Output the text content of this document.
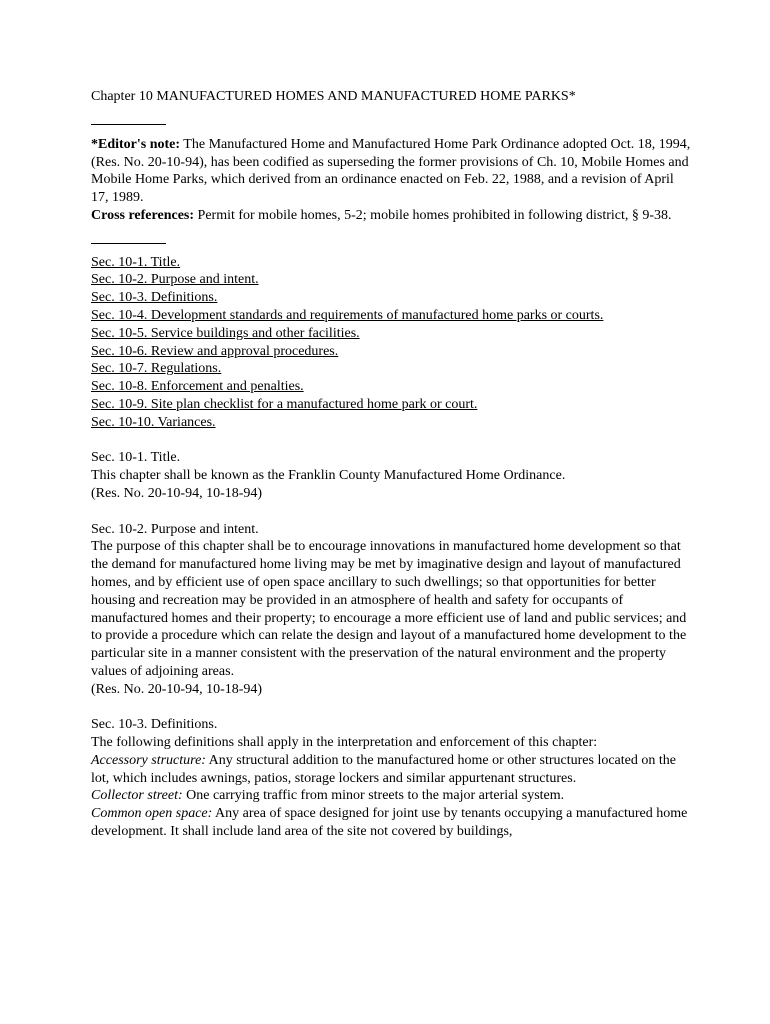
Chapter 10 MANUFACTURED HOMES AND MANUFACTURED HOME PARKS*

*Editor's note: The Manufactured Home and Manufactured Home Park Ordinance adopted Oct. 18, 1994, (Res. No. 20-10-94), has been codified as superseding the former provisions of Ch. 10, Mobile Homes and Mobile Home Parks, which derived from an ordinance enacted on Feb. 22, 1988, and a revision of April 17, 1989.

Cross references: Permit for mobile homes, 5-2; mobile homes prohibited in following district, § 9-38.

Sec. 10-1. Title.
Sec. 10-2. Purpose and intent.
Sec. 10-3. Definitions.
Sec. 10-4. Development standards and requirements of manufactured home parks or courts.
Sec. 10-5. Service buildings and other facilities.
Sec. 10-6. Review and approval procedures.
Sec. 10-7. Regulations.
Sec. 10-8. Enforcement and penalties.
Sec. 10-9. Site plan checklist for a manufactured home park or court.
Sec. 10-10. Variances.

Sec. 10-1. Title.

This chapter shall be known as the Franklin County Manufactured Home Ordinance.

(Res. No. 20-10-94, 10-18-94)

Sec. 10-2. Purpose and intent.

The purpose of this chapter shall be to encourage innovations in manufactured home development so that the demand for manufactured home living may be met by imaginative design and layout of manufactured homes, and by efficient use of open space ancillary to such dwellings; so that opportunities for better housing and recreation may be provided in an atmosphere of health and safety for occupants of manufactured homes and their property; to encourage a more efficient use of land and public services; and to provide a procedure which can relate the design and layout of a manufactured home development to the particular site in a manner consistent with the preservation of the natural environment and the property values of adjoining areas.

(Res. No. 20-10-94, 10-18-94)

Sec. 10-3. Definitions.

The following definitions shall apply in the interpretation and enforcement of this chapter:

Accessory structure: Any structural addition to the manufactured home or other structures located on the lot, which includes awnings, patios, storage lockers and similar appurtenant structures.

Collector street: One carrying traffic from minor streets to the major arterial system.

Common open space: Any area of space designed for joint use by tenants occupying a manufactured home development. It shall include land area of the site not covered by buildings,
